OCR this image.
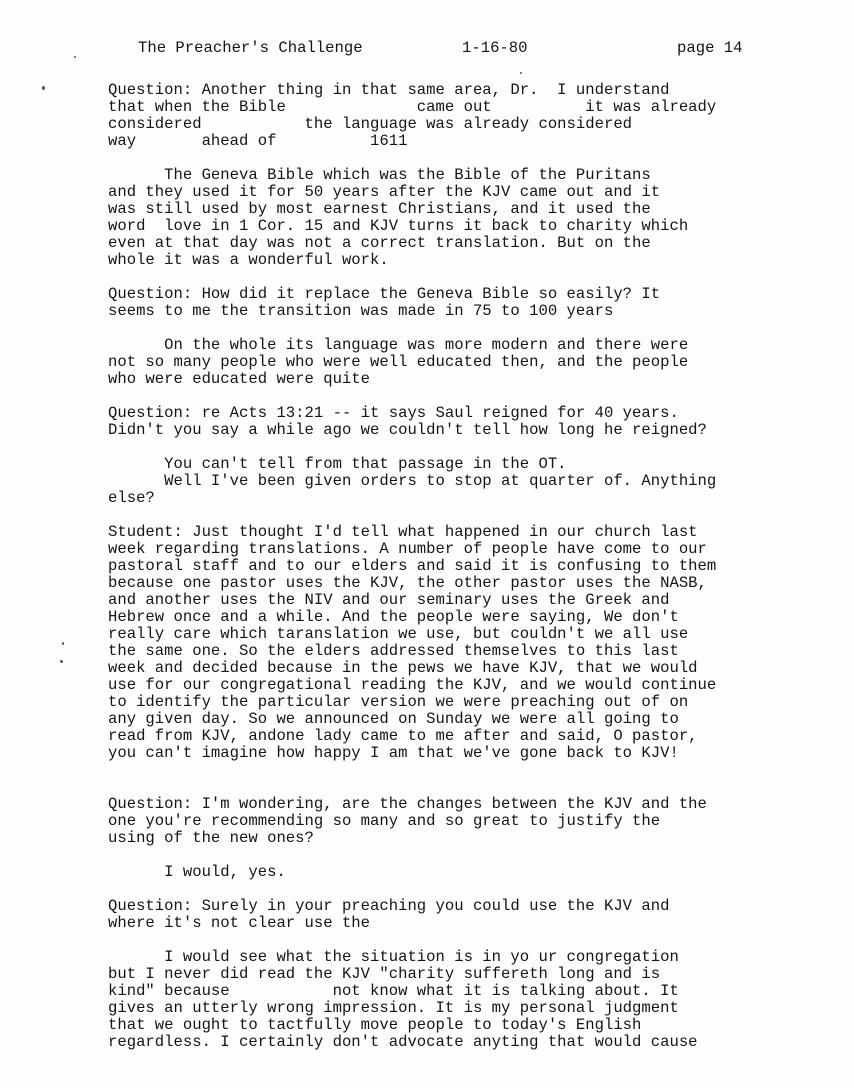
The Preacher's Challenge	1-16-80	page 14

Question: Another thing in that same area, Dr.  I understand
that when the Bible              came out          it was already
considered           the language was already considered
way       ahead of          1611

The Geneva Bible which was the Bible of the Puritans
and they used it for 50 years after the KJV came out and it
was still used by most earnest Christians, and it used the
word  love in 1 Cor. 15 and KJV turns it back to charity which
even at that day was not a correct translation. But on the
whole it was a wonderful work.

Question: How did it replace the Geneva Bible so easily? It
seems to me the transition was made in 75 to 100 years

On the whole its language was more modern and there were
not so many people who were well educated then, and the people
who were educated were quite

Question: re Acts 13:21 -- it says Saul reigned for 40 years.
Didn't you say a while ago we couldn't tell how long he reigned?

You can't tell from that passage in the OT.
Well I've been given orders to stop at quarter of. Anything
else?

Student: Just thought I'd tell what happened in our church last
week regarding translations. A number of people have come to our
pastoral staff and to our elders and said it is confusing to them
because one pastor uses the KJV, the other pastor uses the NASB,
and another uses the NIV and our seminary uses the Greek and
Hebrew once and a while. And the people were saying, We don't
really care which taranslation we use, but couldn't we all use
the same one. So the elders addressed themselves to this last
week and decided because in the pews we have KJV, that we would
use for our congregational reading the KJV, and we would continue
to identify the particular version we were preaching out of on
any given day. So we announced on Sunday we were all going to
read from KJV, andone lady came to me after and said, O pastor,
you can't imagine how happy I am that we've gone back to KJV!

Question: I'm wondering, are the changes between the KJV and the
one you're recommending so many and so great to justify the
using of the new ones?

I would, yes.

Question: Surely in your preaching you could use the KJV and
where it's not clear use the

I would see what the situation is in yo ur congregation
but I never did read the KJV "charity suffereth long and is
kind" because           not know what it is talking about. It
gives an utterly wrong impression. It is my personal judgment
that we ought to tactfully move people to today's English
regardless. I certainly don't advocate anyting that would cause
